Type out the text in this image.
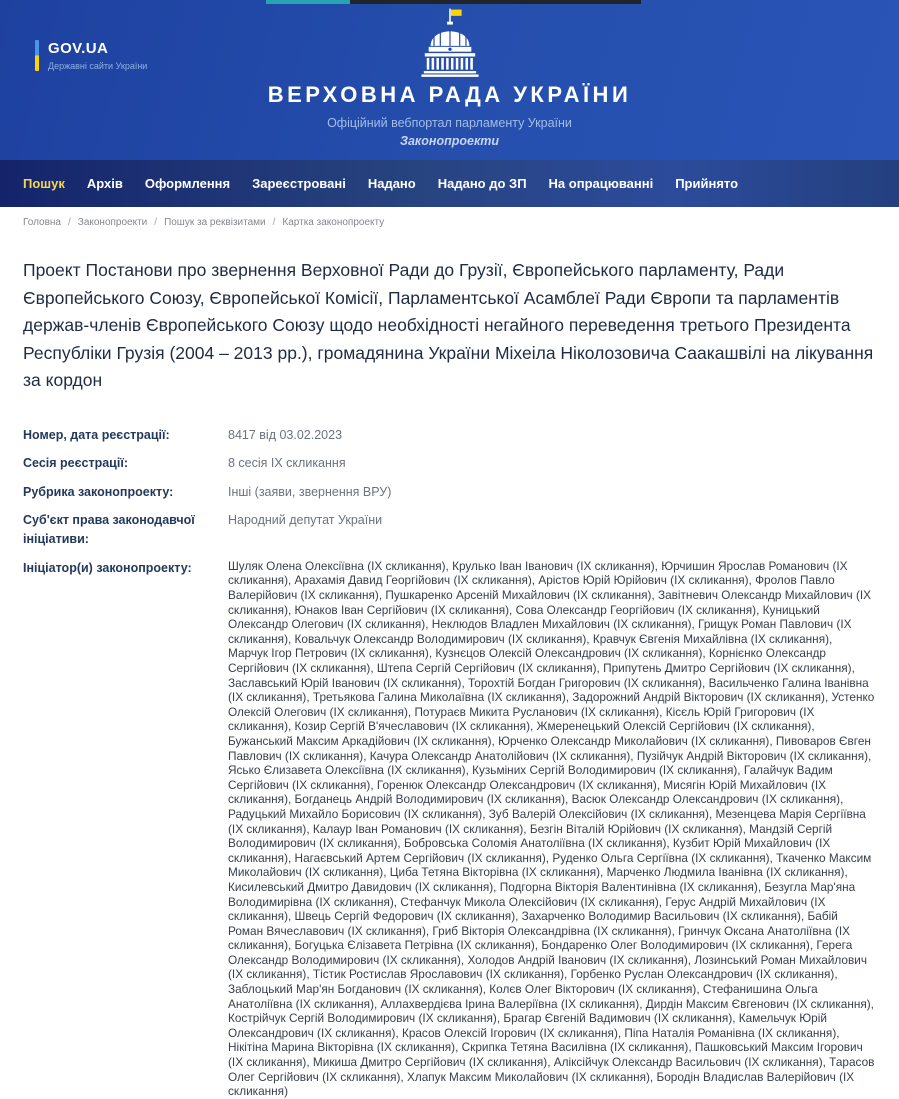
GOV.UA
Державні сайти України
ВЕРХОВНА РАДА УКРАЇНИ
Офіційний вебпортал парламенту України
Законопроекти
Пошук Архів Оформлення Зареєстровані Надано Надано до ЗП На опрацюванні Прийнято
Головна / Законопроекти / Пошук за реквізитами / Картка законопроекту
Проект Постанови про звернення Верховної Ради до Грузії, Європейського парламенту, Ради Європейського Союзу, Європейської Комісії, Парламентської Асамблеї Ради Європи та парламентів держав-членів Європейського Союзу щодо необхідності негайного переведення третього Президента Республіки Грузія (2004 – 2013 рр.), громадянина України Міхеіла Ніколозовича Саакашвілі на лікування за кордон
Номер, дата реєстрації:	8417 від 03.02.2023
Сесія реєстрації:	8 сесія IX скликання
Рубрика законопроекту:	Інші (заяви, звернення ВРУ)
Суб'єкт права законодавчої ініціативи:
Народний депутат України
Ініціатор(и) законопроекту:	Шуляк Олена Олексіївна (IX скликання), Крулько Іван Іванович (IX скликання), Юрчишин Ярослав Романович (IX скликання), Арахамія Давид Георгійович (IX скликання), Арістов Юрій Юрійович (IX скликання), Фролов Павло Валерійович (IX скликання), Пушкаренко Арсеній Михайлович (IX скликання), Завітневич Олександр Михайлович (IX скликання), Юнаков Іван Сергійович (IX скликання), Сова Олександр Георгійович (IX скликання), Куницький Олександр Олегович (IX скликання), Неклюдов Владлен Михайлович (IX скликання), Грищук Роман Павлович (IX скликання), Ковальчук Олександр Володимирович (IX скликання), Кравчук Євгенія Михайлівна (IX скликання), Марчук Ігор Петрович (IX скликання), Кузнєцов Олексій Олександрович (IX скликання), Корнієнко Олександр Сергійович (IX скликання), Штепа Сергій Сергійович (IX скликання), Припутень Дмитро Сергійович (IX скликання), Заславський Юрій Іванович (IX скликання), Торохтій Богдан Григорович (IX скликання), Васильченко Галина Іванівна (IX скликання), Третьякова Галина Миколаївна (IX скликання), Задорожний Андрій Вікторович (IX скликання), Устенко Олексій Олегович (IX скликання), Потураєв Микита Русланович (IX скликання), Кісєль Юрій Григорович (IX скликання), Козир Сергій В'ячеславович (IX скликання), Жмеренецький Олексій Сергійович (IX скликання), Бужанський Максим Аркадійович (IX скликання), Юрченко Олександр Миколайович (IX скликання), Пивоваров Євген Павлович (IX скликання), Качура Олександр Анатолійович (IX скликання), Пузійчук Андрій Вікторович (IX скликання), Ясько Єлизавета Олексіївна (IX скликання), Кузьміних Сергій Володимирович (IX скликання), Галайчук Вадим Сергійович (IX скликання), Горенюк Олександр Олександрович (IX скликання), Мисягін Юрій Михайлович (IX скликання), Богданець Андрій Володимирович (IX скликання), Васюк Олександр Олександрович (IX скликання), Радуцький Михайло Борисович (IX скликання), Зуб Валерій Олексійович (IX скликання), Мезенцева Марія Сергіївна (IX скликання), Калаур Іван Романович (IX скликання), Безгін Віталій Юрійович (IX скликання), Мандзій Сергій Володимирович (IX скликання), Бобровська Соломія Анатоліївна (IX скликання), Кузбит Юрій Михайлович (IX скликання), Нагаєвський Артем Сергійович (IX скликання), Руденко Ольга Сергіївна (IX скликання), Ткаченко Максим Миколайович (IX скликання), Циба Тетяна Вікторівна (IX скликання), Марченко Людмила Іванівна (IX скликання), Кисилевський Дмитро Давидович (IX скликання), Подгорна Вікторія Валентинівна (IX скликання), Безугла Мар'яна Володимирівна (IX скликання), Стефанчук Микола Олексійович (IX скликання), Герус Андрій Михайлович (IX скликання), Швець Сергій Федорович (IX скликання), Захарченко Володимир Васильович (IX скликання), Бабій Роман Вячеславович (IX скликання), Гриб Вікторія Олександрівна (IX скликання), Гринчук Оксана Анатоліївна (IX скликання), Богуцька Єлізавета Петрівна (IX скликання), Бондаренко Олег Володимирович (IX скликання), Герега Олександр Володимирович (IX скликання), Холодов Андрій Іванович (IX скликання), Лозинський Роман Михайлович (IX скликання), Тістик Ростислав Ярославович (IX скликання), Горбенко Руслан Олександрович (IX скликання), Заблоцький Мар'ян Богданович (IX скликання), Колєв Олег Вікторович (IX скликання), Стефанишина Ольга Анатоліївна (IX скликання), Аллахвердієва Ірина Валеріївна (IX скликання), Дирдін Максим Євгенович (IX скликання), Кострійчук Сергій Володимирович (IX скликання), Брагар Євгеній Вадимович (IX скликання), Камельчук Юрій Олександрович (IX скликання), Красов Олексій Ігорович (IX скликання), Піпа Наталія Романівна (IX скликання), Нікітіна Марина Вікторівна (IX скликання), Скрипка Тетяна Василівна (IX скликання), Пашковський Максим Ігорович (IX скликання), Микиша Дмитро Сергійович (IX скликання), Аліксійчук Олександр Васильович (IX скликання), Тарасов Олег Сергійович (IX скликання), Хлапук Максим Миколайович (IX скликання), Бородін Владислав Валерійович (IX скликання)
